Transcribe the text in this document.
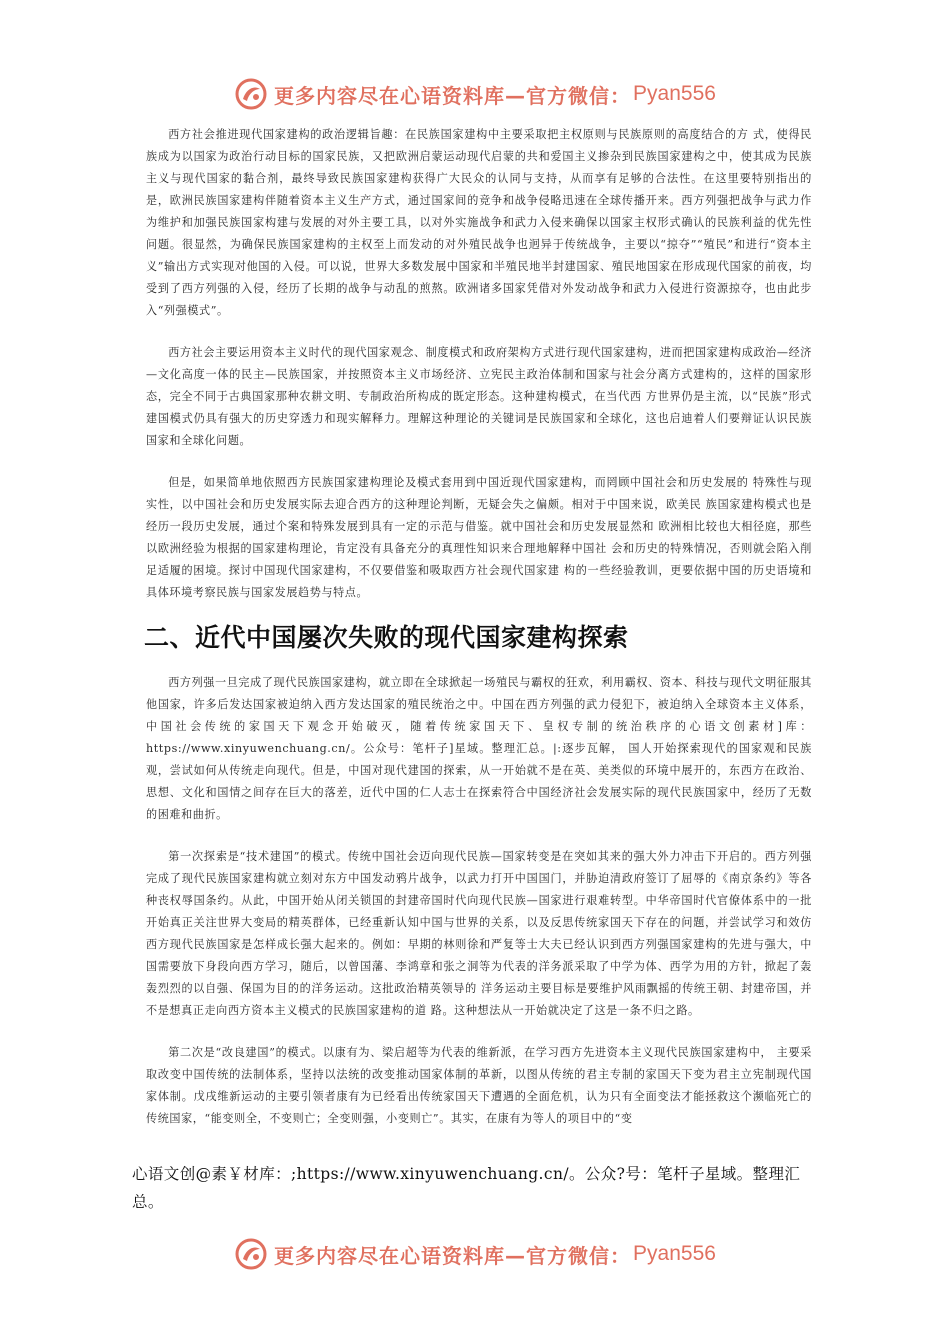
更多内容尽在心语资料库—官方微信： Pyan556

西方社会推进现代国家建构的政治逻辑旨趣：在民族国家建构中主要采取把主权原则与民族原则的高度结合的方 式，使得民族成为以国家为政治行动目标的国家民族，又把欧洲启蒙运动现代启蒙的共和爱国主义掺杂到民族国家建构之中，使其成为民族主义与现代国家的黏合剂，最终导致民族国家建构获得广大民众的认同与支持，从而享有足够的合法性。在这里要特别指出的是，欧洲民族国家建构伴随着资本主义生产方式，通过国家间的竞争和战争侵略迅速在全球传播开来。西方列强把战争与武力作为维护和加强民族国家构建与发展的对外主要工具，以对外实施战争和武力入侵来确保以国家主权形式确认的民族利益的优先性问题。很显然，为确保民族国家建构的主权至上而发动的对外殖民战争也迥异于传统战争，主要以“掠夺”“殖民”和进行“资本主义”输出方式实现对他国的入侵。可以说，世界大多数发展中国家和半殖民地半封建国家、殖民地国家在形成现代国家的前夜，均受到了西方列强的入侵，经历了长期的战争与动乱的煎熬。欧洲诸多国家凭借对外发动战争和武力入侵进行资源掠夺，也由此步入“列强模式”。

西方社会主要运用资本主义时代的现代国家观念、制度模式和政府架构方式进行现代国家建构，进而把国家建构成政治—经济—文化高度一体的民主—民族国家，并按照资本主义市场经济、立宪民主政治体制和国家与社会分离方式建构的，这样的国家形态，完全不同于古典国家那种农耕文明、专制政治所构成的既定形态。这种建构模式，在当代西 方世界仍是主流，以“民族”形式建国模式仍具有强大的历史穿透力和现实解释力。理解这种理论的关键词是民族国家和全球化，这也启迪着人们要辩证认识民族国家和全球化问题。

但是，如果简单地依照西方民族国家建构理论及模式套用到中国近现代国家建构，而罔顾中国社会和历史发展的 特殊性与现实性，以中国社会和历史发展实际去迎合西方的这种理论判断，无疑会失之偏颇。相对于中国来说，欧美民 族国家建构模式也是经历一段历史发展，通过个案和特殊发展到具有一定的示范与借鉴。就中国社会和历史发展显然和 欧洲相比较也大相径庭，那些以欧洲经验为根据的国家建构理论，肯定没有具备充分的真理性知识来合理地解释中国社 会和历史的特殊情况，否则就会陷入削足适履的困境。探讨中国现代国家建构，不仅要借鉴和吸取西方社会现代国家建 构的一些经验教训，更要依据中国的历史语境和具体环境考察民族与国家发展趋势与特点。

二、近代中国屡次失败的现代国家建构探索

西方列强一旦完成了现代民族国家建构，就立即在全球掀起一场殖民与霸权的狂欢，利用霸权、资本、科技与现代文明征服其他国家，许多后发达国家被迫纳入西方发达国家的殖民统治之中。中国在西方列强的武力侵犯下，被迫纳入全球资本主义体系，中国社会传统的家国天下观念开始破灭，随着传统家国天下、皇权专制的统治秩序的心语文创素材]库：https://www.xinyuwenchuang.cn/。公众号：笔杆子]星域。整理汇总。|:逐步瓦解， 国人开始探索现代的国家观和民族观，尝试如何从传统走向现代。但是，中国对现代建国的探索，从一开始就不是在英、美类似的环境中展开的，东西方在政治、思想、文化和国情之间存在巨大的落差，近代中国的仁人志士在探索符合中国经济社会发展实际的现代民族国家中，经历了无数的困难和曲折。

第一次探索是“技术建国”的模式。传统中国社会迈向现代民族—国家转变是在突如其来的强大外力冲击下开启的。西方列强完成了现代民族国家建构就立刻对东方中国发动鸦片战争，以武力打开中国国门，并胁迫清政府签订了屈辱的《南京条约》等各种丧权辱国条约。从此，中国开始从闭关锁国的封建帝国时代向现代民族—国家进行艰难转型。中华帝国时代官僚体系中的一批开始真正关注世界大变局的精英群体，已经重新认知中国与世界的关系，以及反思传统家国天下存在的问题，并尝试学习和效仿西方现代民族国家是怎样成长强大起来的。例如：早期的林则徐和严复等士大夫已经认识到西方列强国家建构的先进与强大，中国需要放下身段向西方学习，随后，以曾国藩、李鸿章和张之洞等为代表的洋务派采取了中学为体、西学为用的方针，掀起了轰轰烈烈的以自强、保国为目的的洋务运动。这批政治精英领导的 洋务运动主要目标是要维护风雨飘摇的传统王朝、封建帝国，并不是想真正走向西方资本主义模式的民族国家建构的道 路。这种想法从一开始就决定了这是一条不归之路。

第二次是“改良建国”的模式。以康有为、梁启超等为代表的维新派，在学习西方先进资本主义现代民族国家建构中， 主要采取改变中国传统的法制体系，坚持以法统的改变推动国家体制的革新，以图从传统的君主专制的家国天下变为君主立宪制现代国家体制。戊戌维新运动的主要引领者康有为已经看出传统家国天下遭遇的全面危机，认为只有全面变法才能拯救这个濒临死亡的传统国家，“能变则全，不变则亡；全变则强，小变则亡”。其实，在康有为等人的项目中的“变

心语文创@素￥材库：;https://www.xinyuwenchuang.cn/。公众?号：笔杆子星域。整理汇总。
更多内容尽在心语资料库—官方微信： Pyan556
